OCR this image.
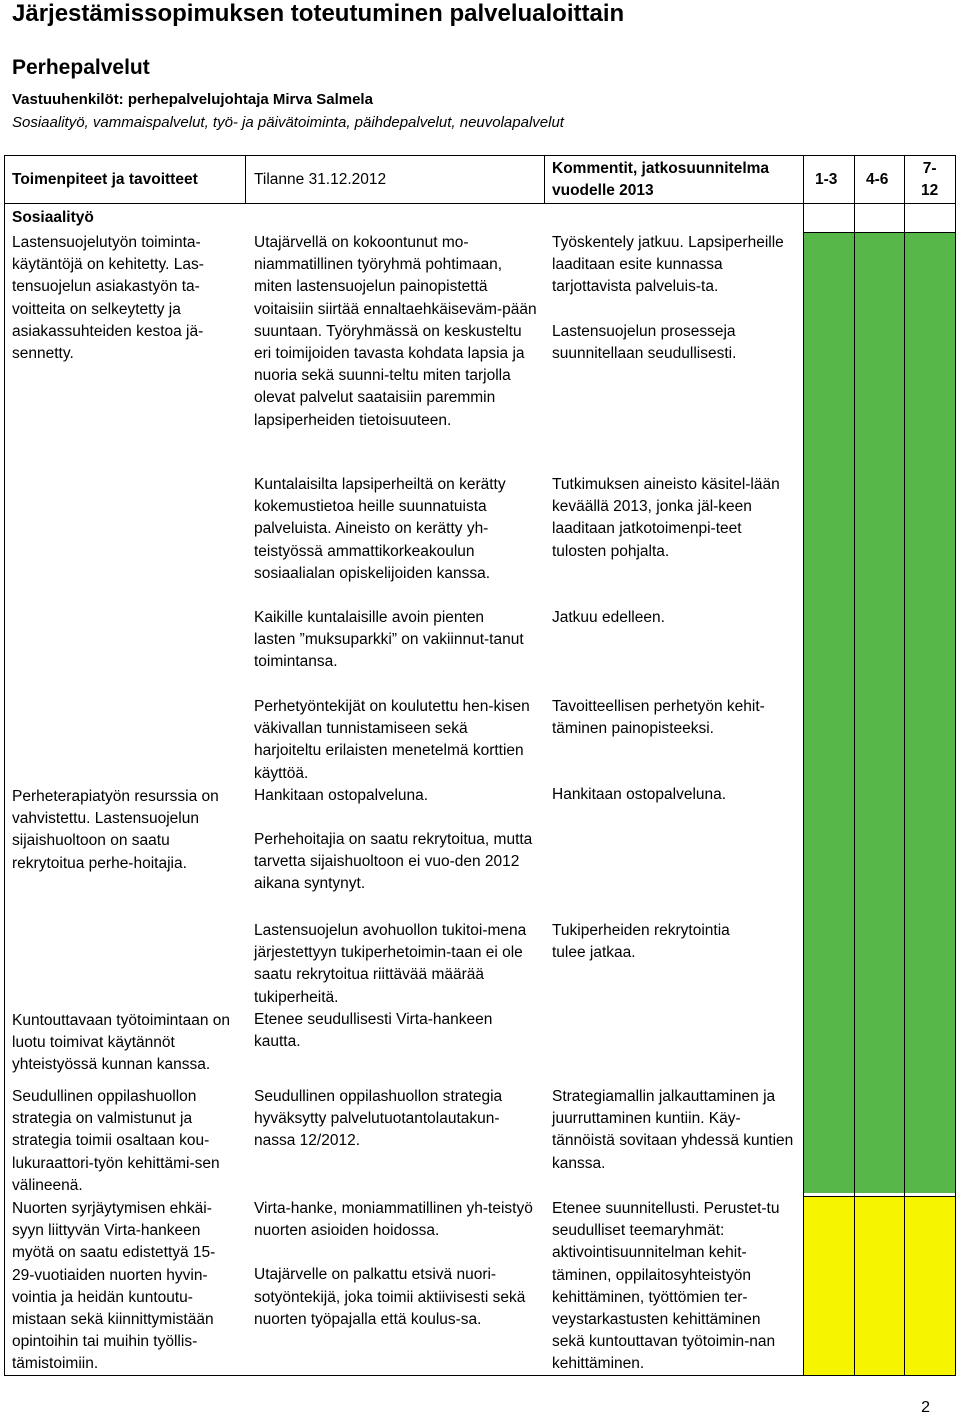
Järjestämissopimuksen toteutuminen palvelualoittain
Perhepalvelut
Vastuuhenkilöt: perhepalvelujohtaja Mirva Salmela
Sosiaalityö, vammaispalvelut, työ- ja päivätoiminta, päihdepalvelut, neuvolapalvelut
Toimenpiteet ja tavoitteet	Tilanne 31.12.2012
Kommentit, jatkosuunnitelma
vuodelle 2013
1-3 4-6
7-
12
Sosiaalityö
Lastensuojelutyön toiminta-käytäntöjä on kehitetty. Las-tensuojelun asiakastyön ta-voitteita on selkeytetty ja asiakassuhteiden kestoa jä-sennetty.
Utajärvellä on kokoontunut mo-niammatillinen työryhmä pohtimaan, miten lastensuojelun painopistettä voitaisiin siirtää ennaltaehkäiseväm-pään suuntaan. Työryhmässä on keskusteltu eri toimijoiden tavasta kohdata lapsia ja nuoria sekä suunni-teltu miten tarjolla olevat palvelut saataisiin paremmin lapsiperheiden tietoisuuteen.

Työskentely jatkuu. Lapsiperheille laaditaan esite kunnassa tarjottavista palveluis-ta.

Lastensuojelun prosesseja suunnitellaan seudullisesti.

Kuntalaisilta lapsiperheiltä on kerätty kokemustietoa heille suunnatuista palveluista. Aineisto on kerätty yh-teistyössä ammattikorkeakoulun sosiaalialan opiskelijoiden kanssa.
Tutkimuksen aineisto käsitel-lään keväällä 2013, jonka jäl-keen laaditaan jatkotoimenpi-teet tulosten pohjalta.
Kaikille kuntalaisille avoin pienten lasten ”muksuparkki” on vakiinnut-tanut toimintansa.
Jatkuu edelleen.
Perheterapiatyön resurssia on vahvistettu. Lastensuojelun sijaishuoltoon on saatu rekrytoitua perhe-hoitajia.

Perhetyöntekijät on koulutettu hen-kisen väkivallan tunnistamiseen sekä harjoiteltu erilaisten menetelmä korttien käyttöä.

Hankitaan ostopalveluna.

Perhehoitajia on saatu rekrytoitua, mutta tarvetta sijaishuoltoon ei vuo-den 2012 aikana syntynyt.

Tavoitteellisen perhetyön kehit-täminen painopisteeksi.

Hankitaan ostopalveluna.

Kuntouttavaan työtoimintaan on luotu toimivat käytännöt yhteistyössä kunnan kanssa.

Lastensuojelun avohuollon tukitoi-mena järjestettyyn tukiperhetoimin-taan ei ole saatu rekrytoitua riittävää määrää tukiperheitä.

Etenee seudullisesti Virta-hankeen kautta.

Tukiperheiden rekrytointia tulee jatkaa.
Seudullinen oppilashuollon strategia on valmistunut ja strategia toimii osaltaan kou-lukuraattori-työn kehittämi-sen välineenä.
Seudullinen oppilashuollon strategia hyväksytty palvelutuotantolautakun-nassa 12/2012.
Strategiamallin jalkauttaminen ja juurruttaminen kuntiin. Käy-tännöistä sovitaan yhdessä kuntien kanssa.
Nuorten syrjäytymisen ehkäi-syyn liittyvän Virta-hankeen myötä on saatu edistettyä 15-29-vuotiaiden nuorten hyvin-vointia ja heidän kuntoutu-mistaan sekä kiinnittymistään opintoihin tai muihin työllis-tämistoimiin.

Virta-hanke, moniammatillinen yh-teistyö nuorten asioiden hoidossa.

Utajärvelle on palkattu etsivä nuori-sotyöntekijä, joka toimii aktiivisesti sekä nuorten työpajalla että koulus-sa.

Etenee suunnitellusti. Perustet-tu seudulliset teemaryhmät: aktivointisuunnitelman kehit-täminen, oppilaitosyhteistyön kehittäminen, työttömien ter-veystarkastusten kehittäminen sekä kuntouttavan työtoimin-nan kehittäminen.
2
